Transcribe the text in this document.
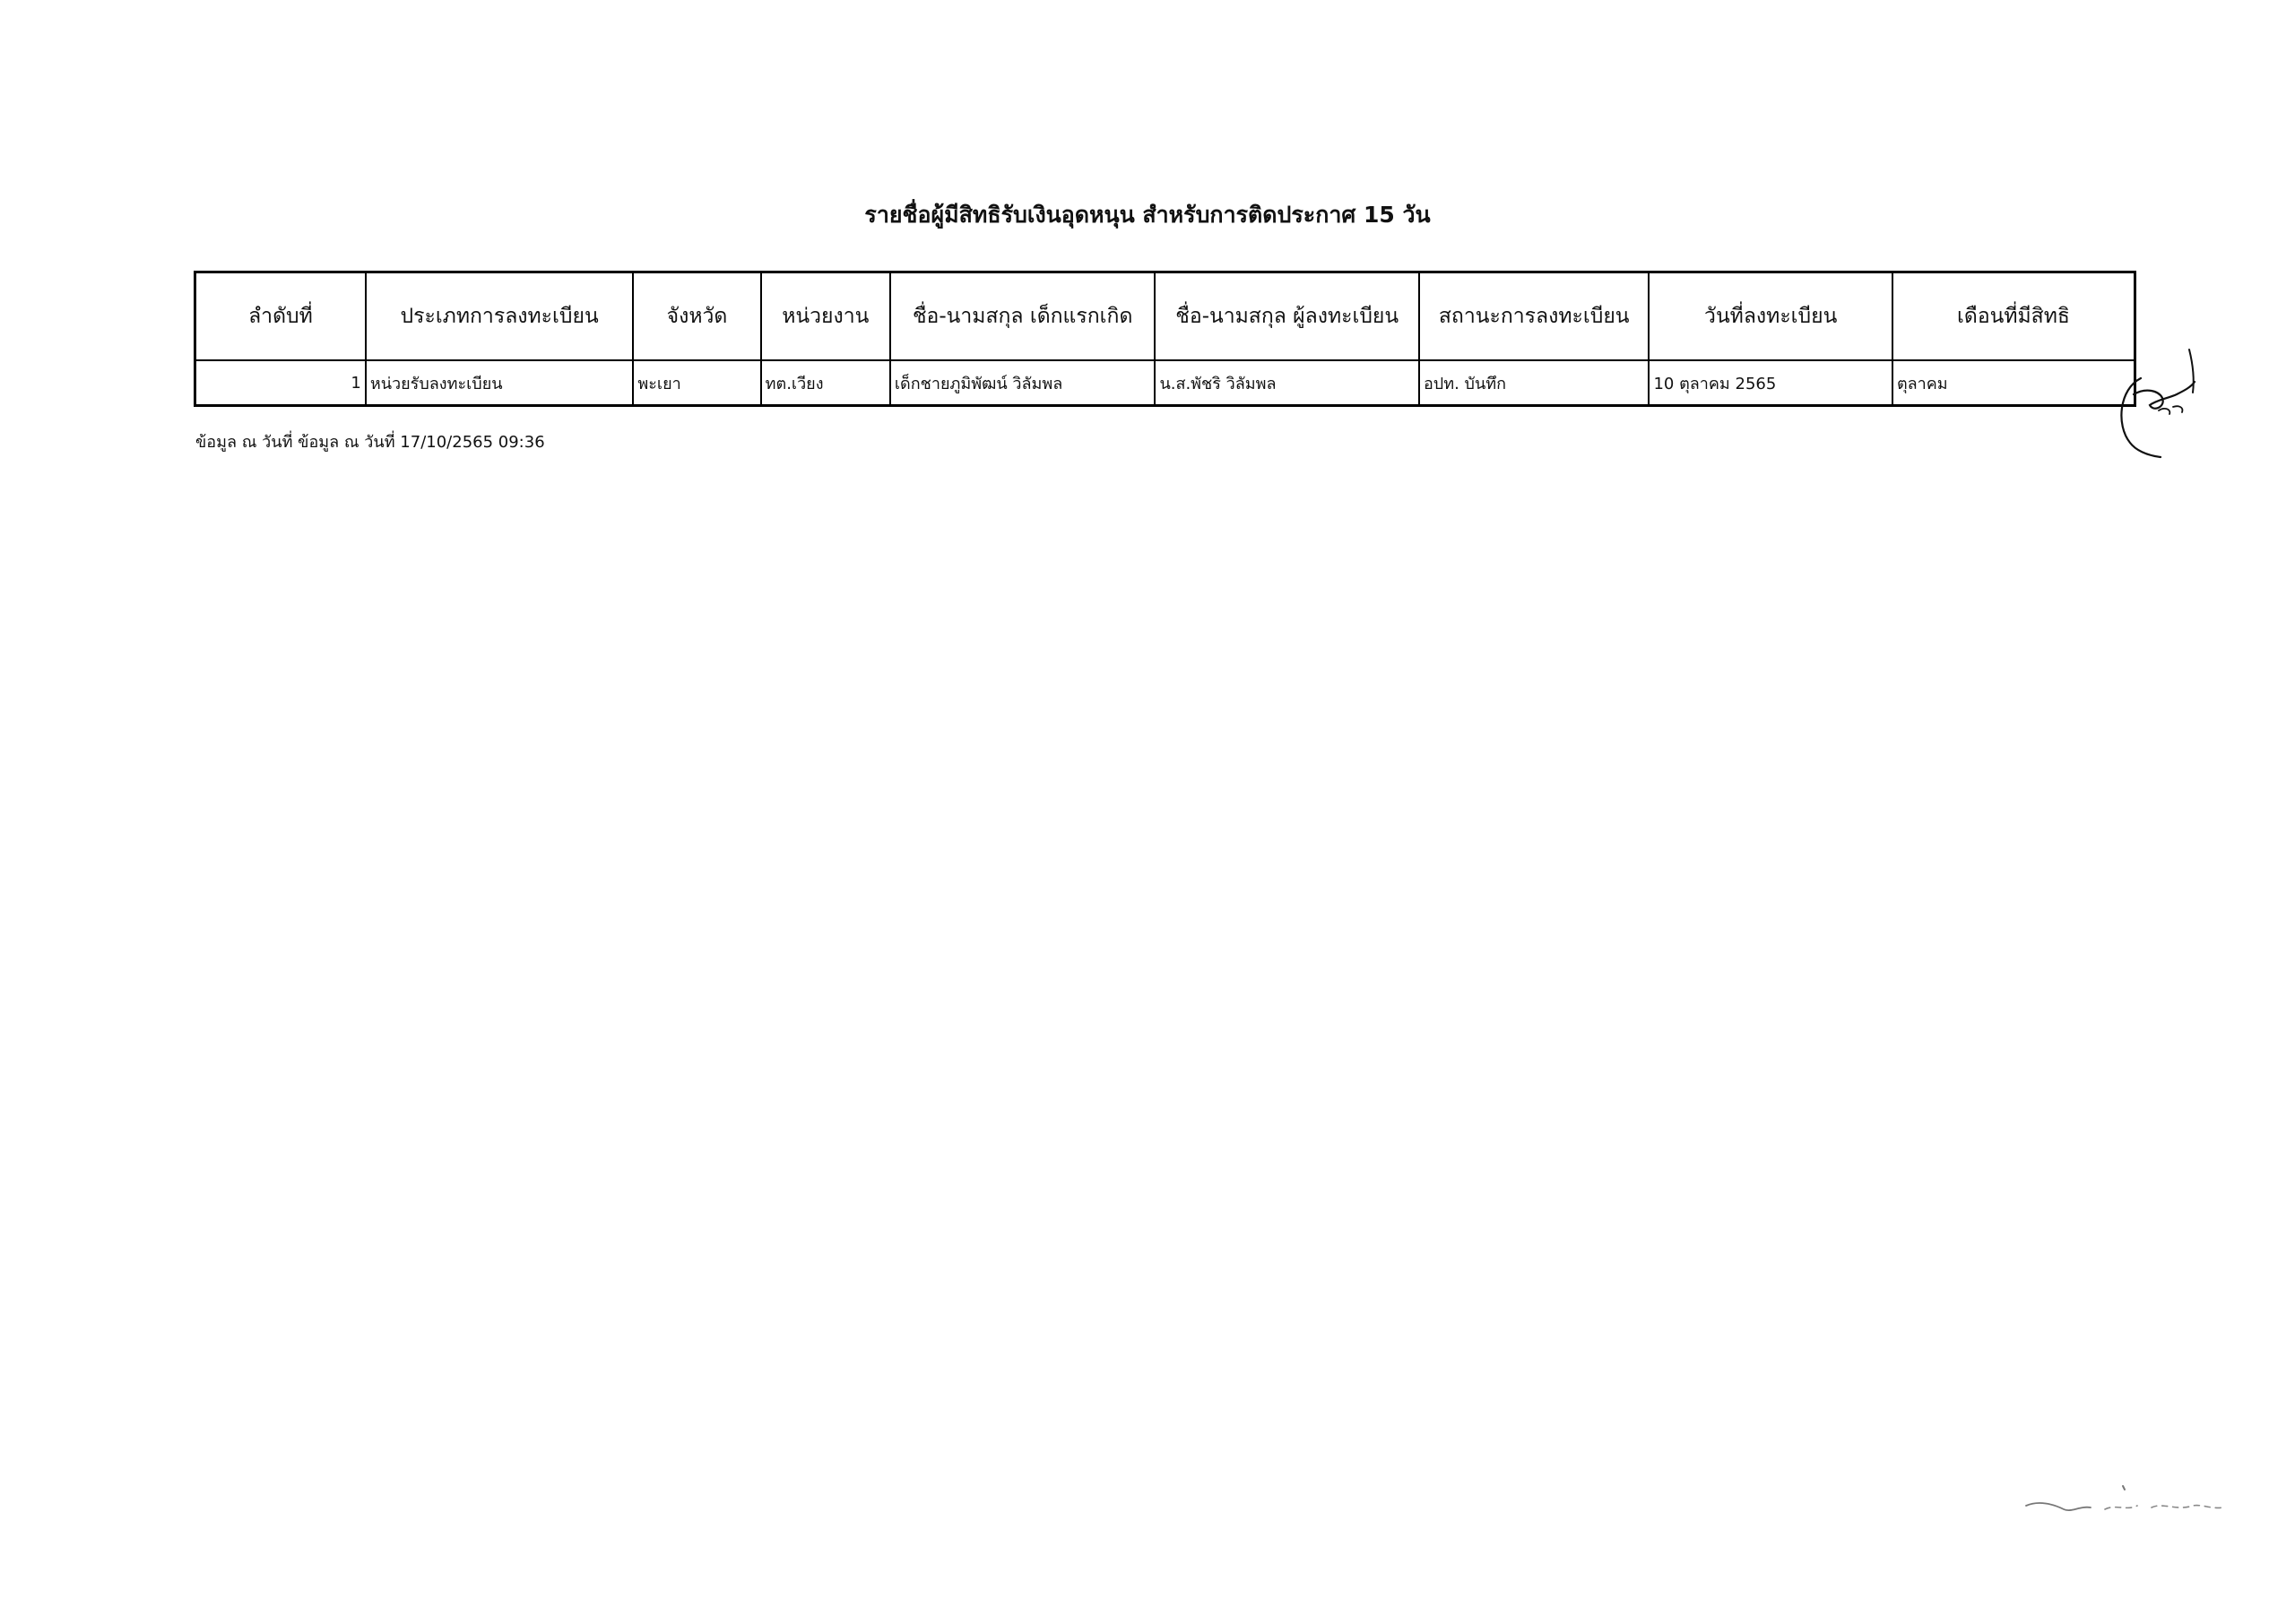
รายชื่อผู้มีสิทธิรับเงินอุดหนุน สำหรับการติดประกาศ 15 วัน
ลำดับที่	ประเภทการลงทะเบียน	จังหวัด	หน่วยงาน	ชื่อ-นามสกุล เด็กแรกเกิด	ชื่อ-นามสกุล ผู้ลงทะเบียน	สถานะการลงทะเบียน	วันที่ลงทะเบียน	เดือนที่มีสิทธิ
1	หน่วยรับลงทะเบียน	พะเยา	ทต.เวียง	เด็กชายภูมิพัฒน์ วิลัมพล	น.ส.พัชริ วิลัมพล	อปท. บันทึก	10 ตุลาคม 2565	ตุลาคม
ข้อมูล ณ วันที่ ข้อมูล ณ วันที่ 17/10/2565 09:36
